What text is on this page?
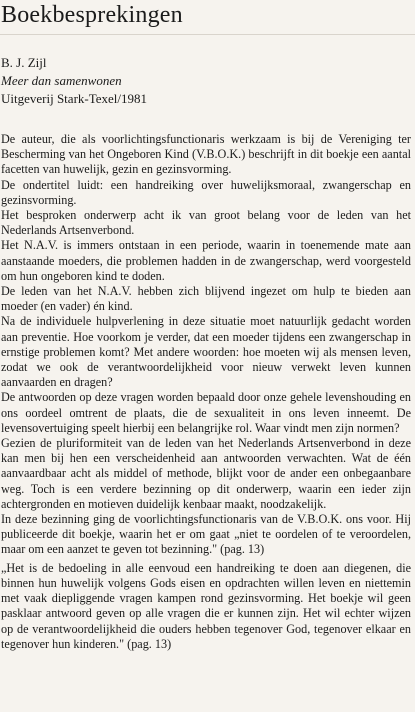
Boekbesprekingen
B. J. Zijl
Meer dan samenwonen
Uitgeverij Stark-Texel/1981

De auteur, die als voorlichtingsfunctionaris werkzaam is bij de Vereniging ter Bescherming van het Ongeboren Kind (V.B.O.K.) beschrijft in dit boekje een aantal facetten van huwelijk, gezin en gezinsvorming.

De ondertitel luidt: een handreiking over huwelijksmoraal, zwangerschap en gezinsvorming.

Het besproken onderwerp acht ik van groot belang voor de leden van het Nederlands Artsenverbond.

Het N.A.V. is immers ontstaan in een periode, waarin in toenemende mate aan aanstaande moeders, die problemen hadden in de zwangerschap, werd voorgesteld om hun ongeboren kind te doden.

De leden van het N.A.V. hebben zich blijvend ingezet om hulp te bieden aan moeder (en vader) én kind.

Na de individuele hulpverlening in deze situatie moet natuurlijk gedacht worden aan preventie. Hoe voorkom je verder, dat een moeder tijdens een zwangerschap in ernstige problemen komt? Met andere woorden: hoe moeten wij als mensen leven, zodat we ook de verantwoordelijkheid voor nieuw verwekt leven kunnen aanvaarden en dragen?

De antwoorden op deze vragen worden bepaald door onze gehele levenshouding en ons oordeel omtrent de plaats, die de sexualiteit in ons leven inneemt. De levensovertuiging speelt hierbij een belangrijke rol. Waar vindt men zijn normen?

Gezien de pluriformiteit van de leden van het Nederlands Artsenverbond in deze kan men bij hen een verscheidenheid aan antwoorden verwachten. Wat de één aanvaardbaar acht als middel of methode, blijkt voor de ander een onbegaanbare weg. Toch is een verdere bezinning op dit onderwerp, waarin een ieder zijn achtergronden en motieven duidelijk kenbaar maakt, noodzakelijk.

In deze bezinning ging de voorlichtingsfunctionaris van de V.B.O.K. ons voor. Hij publiceerde dit boekje, waarin het er om gaat „niet te oordelen of te veroordelen, maar om een aanzet te geven tot bezinning." (pag. 13)

„Het is de bedoeling in alle eenvoud een handreiking te doen aan diegenen, die binnen hun huwelijk volgens Gods eisen en opdrachten willen leven en niettemin met vaak diepliggende vragen kampen rond gezinsvorming. Het boekje wil geen pasklaar antwoord geven op alle vragen die er kunnen zijn. Het wil echter wijzen op de verantwoordelijkheid die ouders hebben tegenover God, tegenover elkaar en tegenover hun kinderen." (pag. 13)
